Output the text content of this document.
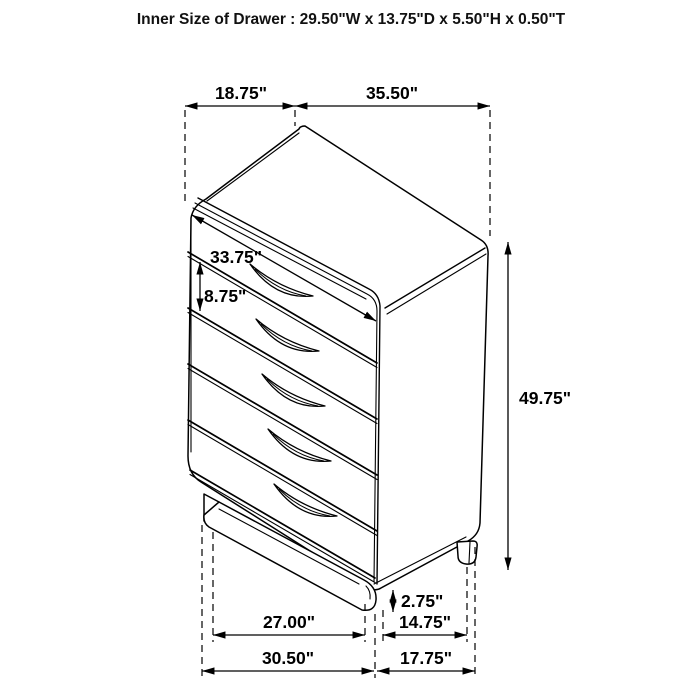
18.75"	35.50"
33.75"
8.75"
49.75"
2.75"
27.00"	14.75"
30.50"	17.75"
Inner Size of Drawer : 29.50"W x 13.75"D x 5.50"H x 0.50"T
